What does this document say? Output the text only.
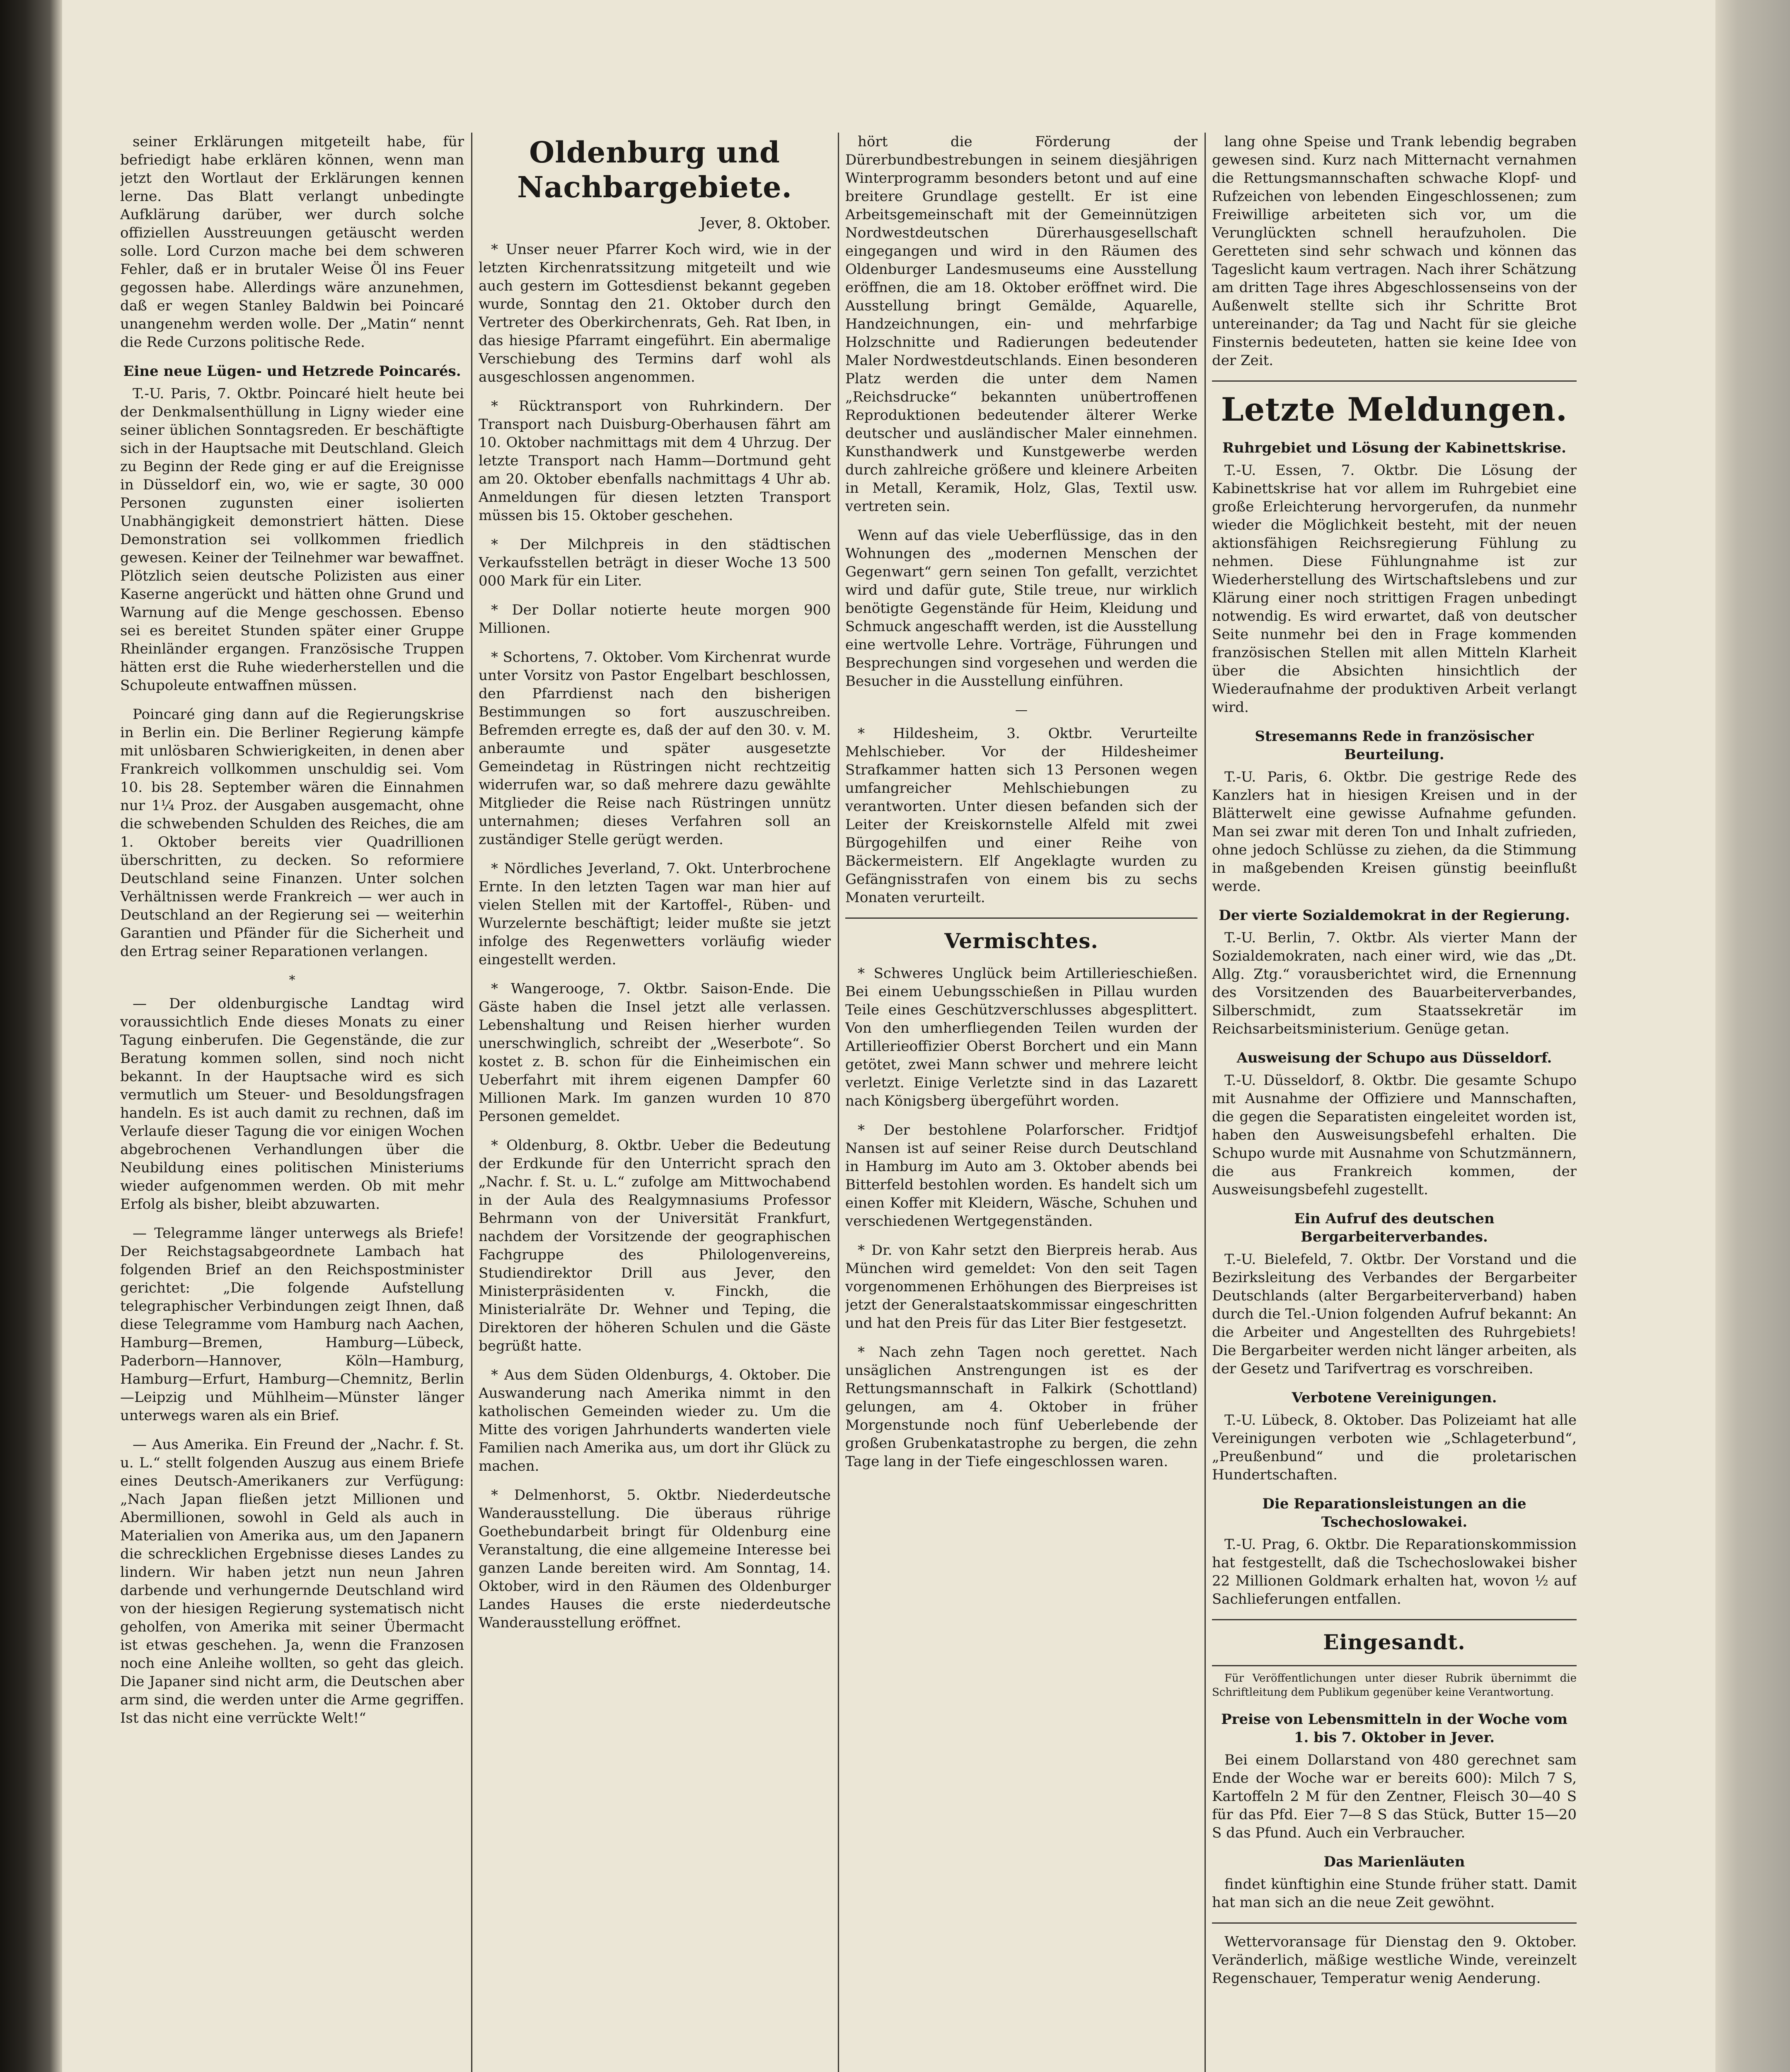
seiner Erklärungen mitgeteilt habe, für befriedigt habe erklären können, wenn man jetzt den Wortlaut der Erklärungen kennen lerne. Das Blatt verlangt unbedingte Aufklärung darüber, wer durch solche offiziellen Ausstreuungen getäuscht werden solle. Lord Curzon mache bei dem schweren Fehler, daß er in brutaler Weise Öl ins Feuer gegossen habe. Allerdings wäre anzunehmen, daß er wegen Stanley Baldwin bei Poincaré unangenehm werden wolle. Der „Matin“ nennt die Rede Curzons politische Rede.

Eine neue Lügen- und Hetzrede Poincarés.

T.-U. Paris, 7. Oktbr. Poincaré hielt heute bei der Denkmalsenthüllung in Ligny wieder eine seiner üblichen Sonntagsreden. Er beschäftigte sich in der Hauptsache mit Deutschland. Gleich zu Beginn der Rede ging er auf die Ereignisse in Düsseldorf ein, wo, wie er sagte, 30 000 Personen zugunsten einer isolierten Unabhängigkeit demonstriert hätten. Diese Demonstration sei vollkommen friedlich gewesen. Keiner der Teilnehmer war bewaffnet. Plötzlich seien deutsche Polizisten aus einer Kaserne angerückt und hätten ohne Grund und Warnung auf die Menge geschossen. Ebenso sei es bereitet Stunden später einer Gruppe Rheinländer ergangen. Französische Truppen hätten erst die Ruhe wiederherstellen und die Schupoleute entwaffnen müssen.

Poincaré ging dann auf die Regierungskrise in Berlin ein. Die Berliner Regierung kämpfe mit unlösbaren Schwierigkeiten, in denen aber Frankreich vollkommen unschuldig sei. Vom 10. bis 28. September wären die Einnahmen nur 1¼ Proz. der Ausgaben ausgemacht, ohne die schwebenden Schulden des Reiches, die am 1. Oktober bereits vier Quadrillionen überschritten, zu decken. So reformiere Deutschland seine Finanzen. Unter solchen Verhältnissen werde Frankreich — wer auch in Deutschland an der Regierung sei — weiterhin Garantien und Pfänder für die Sicherheit und den Ertrag seiner Reparationen verlangen.

*

— Der oldenburgische Landtag wird voraussichtlich Ende dieses Monats zu einer Tagung einberufen. Die Gegenstände, die zur Beratung kommen sollen, sind noch nicht bekannt. In der Hauptsache wird es sich vermutlich um Steuer- und Besoldungsfragen handeln. Es ist auch damit zu rechnen, daß im Verlaufe dieser Tagung die vor einigen Wochen abgebrochenen Verhandlungen über die Neubildung eines politischen Ministeriums wieder aufgenommen werden. Ob mit mehr Erfolg als bisher, bleibt abzuwarten.

— Telegramme länger unterwegs als Briefe! Der Reichstagsabgeordnete Lambach hat folgenden Brief an den Reichspostminister gerichtet: „Die folgende Aufstellung telegraphischer Verbindungen zeigt Ihnen, daß diese Telegramme vom Hamburg nach Aachen, Hamburg—Bremen, Hamburg—Lübeck, Paderborn—Hannover, Köln—Hamburg, Hamburg—Erfurt, Hamburg—Chemnitz, Berlin—Leipzig und Mühlheim—Münster länger unterwegs waren als ein Brief.

— Aus Amerika. Ein Freund der „Nachr. f. St. u. L.“ stellt folgenden Auszug aus einem Briefe eines Deutsch-Amerikaners zur Verfügung: „Nach Japan fließen jetzt Millionen und Abermillionen, sowohl in Geld als auch in Materialien von Amerika aus, um den Japanern die schrecklichen Ergebnisse dieses Landes zu lindern. Wir haben jetzt nun neun Jahren darbende und verhungernde Deutschland wird von der hiesigen Regierung systematisch nicht geholfen, von Amerika mit seiner Übermacht ist etwas geschehen. Ja, wenn die Franzosen noch eine Anleihe wollten, so geht das gleich. Die Japaner sind nicht arm, die Deutschen aber arm sind, die werden unter die Arme gegriffen. Ist das nicht eine verrückte Welt!“

Oldenburg und Nachbargebiete.
Jever, 8. Oktober.

* Unser neuer Pfarrer Koch wird, wie in der letzten Kirchenratssitzung mitgeteilt und wie auch gestern im Gottesdienst bekannt gegeben wurde, Sonntag den 21. Oktober durch den Vertreter des Oberkirchenrats, Geh. Rat Iben, in das hiesige Pfarramt eingeführt. Ein abermalige Verschiebung des Termins darf wohl als ausgeschlossen angenommen.

* Rücktransport von Ruhrkindern. Der Transport nach Duisburg-Oberhausen fährt am 10. Oktober nachmittags mit dem 4 Uhrzug. Der letzte Transport nach Hamm—Dortmund geht am 20. Oktober ebenfalls nachmittags 4 Uhr ab. Anmeldungen für diesen letzten Transport müssen bis 15. Oktober geschehen.

* Der Milchpreis in den städtischen Verkaufsstellen beträgt in dieser Woche 13 500 000 Mark für ein Liter.

* Der Dollar notierte heute morgen 900 Millionen.

* Schortens, 7. Oktober. Vom Kirchenrat wurde unter Vorsitz von Pastor Engelbart beschlossen, den Pfarrdienst nach den bisherigen Bestimmungen so fort auszuschreiben. Befremden erregte es, daß der auf den 30. v. M. anberaumte und später ausgesetzte Gemeindetag in Rüstringen nicht rechtzeitig widerrufen war, so daß mehrere dazu gewählte Mitglieder die Reise nach Rüstringen unnütz unternahmen; dieses Verfahren soll an zuständiger Stelle gerügt werden.

* Nördliches Jeverland, 7. Okt. Unterbrochene Ernte. In den letzten Tagen war man hier auf vielen Stellen mit der Kartoffel-, Rüben- und Wurzelernte beschäftigt; leider mußte sie jetzt infolge des Regenwetters vorläufig wieder eingestellt werden.

* Wangerooge, 7. Oktbr. Saison-Ende. Die Gäste haben die Insel jetzt alle verlassen. Lebenshaltung und Reisen hierher wurden unerschwinglich, schreibt der „Weserbote“. So kostet z. B. schon für die Einheimischen ein Ueberfahrt mit ihrem eigenen Dampfer 60 Millionen Mark. Im ganzen wurden 10 870 Personen gemeldet.

* Oldenburg, 8. Oktbr. Ueber die Bedeutung der Erdkunde für den Unterricht sprach den „Nachr. f. St. u. L.“ zufolge am Mittwochabend in der Aula des Realgymnasiums Professor Behrmann von der Universität Frankfurt, nachdem der Vorsitzende der geographischen Fachgruppe des Philologenvereins, Studiendirektor Drill aus Jever, den Ministerpräsidenten v. Finckh, die Ministerialräte Dr. Wehner und Teping, die Direktoren der höheren Schulen und die Gäste begrüßt hatte.

* Aus dem Süden Oldenburgs, 4. Oktober. Die Auswanderung nach Amerika nimmt in den katholischen Gemeinden wieder zu. Um die Mitte des vorigen Jahrhunderts wanderten viele Familien nach Amerika aus, um dort ihr Glück zu machen.

* Delmenhorst, 5. Oktbr. Niederdeutsche Wanderausstellung. Die überaus rührige Goethebundarbeit bringt für Oldenburg eine Veranstaltung, die eine allgemeine Interesse bei ganzen Lande bereiten wird. Am Sonntag, 14. Oktober, wird in den Räumen des Oldenburger Landes Hauses die erste niederdeutsche Wanderausstellung eröffnet.

hört die Förderung der Dürerbundbestrebungen in seinem diesjährigen Winterprogramm besonders betont und auf eine breitere Grundlage gestellt. Er ist eine Arbeitsgemeinschaft mit der Gemeinnützigen Nordwestdeutschen Dürerhausgesellschaft eingegangen und wird in den Räumen des Oldenburger Landesmuseums eine Ausstellung eröffnen, die am 18. Oktober eröffnet wird. Die Ausstellung bringt Gemälde, Aquarelle, Handzeichnungen, ein- und mehrfarbige Holzschnitte und Radierungen bedeutender Maler Nordwestdeutschlands. Einen besonderen Platz werden die unter dem Namen „Reichsdrucke“ bekannten unübertroffenen Reproduktionen bedeutender älterer Werke deutscher und ausländischer Maler einnehmen. Kunsthandwerk und Kunstgewerbe werden durch zahlreiche größere und kleinere Arbeiten in Metall, Keramik, Holz, Glas, Textil usw. vertreten sein.

Wenn auf das viele Ueberflüssige, das in den Wohnungen des „modernen Menschen der Gegenwart“ gern seinen Ton gefallt, verzichtet wird und dafür gute, Stile treue, nur wirklich benötigte Gegenstände für Heim, Kleidung und Schmuck angeschafft werden, ist die Ausstellung eine wertvolle Lehre. Vorträge, Führungen und Besprechungen sind vorgesehen und werden die Besucher in die Ausstellung einführen.

—

* Hildesheim, 3. Oktbr. Verurteilte Mehlschieber. Vor der Hildesheimer Strafkammer hatten sich 13 Personen wegen umfangreicher Mehlschiebungen zu verantworten. Unter diesen befanden sich der Leiter der Kreiskornstelle Alfeld mit zwei Bürgogehilfen und einer Reihe von Bäckermeistern. Elf Angeklagte wurden zu Gefängnisstrafen von einem bis zu sechs Monaten verurteilt.

Vermischtes.

* Schweres Unglück beim Artillerieschießen. Bei einem Uebungsschießen in Pillau wurden Teile eines Geschützverschlusses abgesplittert. Von den umherfliegenden Teilen wurden der Artillerieoffizier Oberst Borchert und ein Mann getötet, zwei Mann schwer und mehrere leicht verletzt. Einige Verletzte sind in das Lazarett nach Königsberg übergeführt worden.

* Der bestohlene Polarforscher. Fridtjof Nansen ist auf seiner Reise durch Deutschland in Hamburg im Auto am 3. Oktober abends bei Bitterfeld bestohlen worden. Es handelt sich um einen Koffer mit Kleidern, Wäsche, Schuhen und verschiedenen Wertgegenständen.

* Dr. von Kahr setzt den Bierpreis herab. Aus München wird gemeldet: Von den seit Tagen vorgenommenen Erhöhungen des Bierpreises ist jetzt der Generalstaatskommissar eingeschritten und hat den Preis für das Liter Bier festgesetzt.

* Nach zehn Tagen noch gerettet. Nach unsäglichen Anstrengungen ist es der Rettungsmannschaft in Falkirk (Schottland) gelungen, am 4. Oktober in früher Morgenstunde noch fünf Ueberlebende der großen Grubenkatastrophe zu bergen, die zehn Tage lang in der Tiefe eingeschlossen waren.

lang ohne Speise und Trank lebendig begraben gewesen sind. Kurz nach Mitternacht vernahmen die Rettungsmannschaften schwache Klopf- und Rufzeichen von lebenden Eingeschlossenen; zum Freiwillige arbeiteten sich vor, um die Verunglückten schnell heraufzuholen. Die Geretteten sind sehr schwach und können das Tageslicht kaum vertragen. Nach ihrer Schätzung am dritten Tage ihres Abgeschlossenseins von der Außenwelt stellte sich ihr Schritte Brot untereinander; da Tag und Nacht für sie gleiche Finsternis bedeuteten, hatten sie keine Idee von der Zeit.

Letzte Meldungen.
Ruhrgebiet und Lösung der Kabinettskrise.

T.-U. Essen, 7. Oktbr. Die Lösung der Kabinettskrise hat vor allem im Ruhrgebiet eine große Erleichterung hervorgerufen, da nunmehr wieder die Möglichkeit besteht, mit der neuen aktionsfähigen Reichsregierung Fühlung zu nehmen. Diese Fühlungnahme ist zur Wiederherstellung des Wirtschaftslebens und zur Klärung einer noch strittigen Fragen unbedingt notwendig. Es wird erwartet, daß von deutscher Seite nunmehr bei den in Frage kommenden französischen Stellen mit allen Mitteln Klarheit über die Absichten hinsichtlich der Wiederaufnahme der produktiven Arbeit verlangt wird.

Stresemanns Rede in französischer Beurteilung.

T.-U. Paris, 6. Oktbr. Die gestrige Rede des Kanzlers hat in hiesigen Kreisen und in der Blätterwelt eine gewisse Aufnahme gefunden. Man sei zwar mit deren Ton und Inhalt zufrieden, ohne jedoch Schlüsse zu ziehen, da die Stimmung in maßgebenden Kreisen günstig beeinflußt werde.

Der vierte Sozialdemokrat in der Regierung.

T.-U. Berlin, 7. Oktbr. Als vierter Mann der Sozialdemokraten, nach einer wird, wie das „Dt. Allg. Ztg.“ vorausberichtet wird, die Ernennung des Vorsitzenden des Bauarbeiterverbandes, Silberschmidt, zum Staatssekretär im Reichsarbeitsministerium. Genüge getan.

Ausweisung der Schupo aus Düsseldorf.

T.-U. Düsseldorf, 8. Oktbr. Die gesamte Schupo mit Ausnahme der Offiziere und Mannschaften, die gegen die Separatisten eingeleitet worden ist, haben den Ausweisungsbefehl erhalten. Die Schupo wurde mit Ausnahme von Schutzmännern, die aus Frankreich kommen, der Ausweisungsbefehl zugestellt.

Ein Aufruf des deutschen Bergarbeiterverbandes.

T.-U. Bielefeld, 7. Oktbr. Der Vorstand und die Bezirksleitung des Verbandes der Bergarbeiter Deutschlands (alter Bergarbeiterverband) haben durch die Tel.-Union folgenden Aufruf bekannt: An die Arbeiter und Angestellten des Ruhrgebiets! Die Bergarbeiter werden nicht länger arbeiten, als der Gesetz und Tarifvertrag es vorschreiben.

Verbotene Vereinigungen.

T.-U. Lübeck, 8. Oktober. Das Polizeiamt hat alle Vereinigungen verboten wie „Schlageterbund“, „Preußenbund“ und die proletarischen Hundertschaften.

Die Reparationsleistungen an die Tschechoslowakei.

T.-U. Prag, 6. Oktbr. Die Reparationskommission hat festgestellt, daß die Tschechoslowakei bisher 22 Millionen Goldmark erhalten hat, wovon ½ auf Sachlieferungen entfallen.

Eingesandt.

Für Veröffentlichungen unter dieser Rubrik übernimmt die Schriftleitung dem Publikum gegenüber keine Verantwortung.

Preise von Lebensmitteln in der Woche vom 1. bis 7. Oktober in Jever.

Bei einem Dollarstand von 480 gerechnet sam Ende der Woche war er bereits 600): Milch 7 S, Kartoffeln 2 M für den Zentner, Fleisch 30—40 S für das Pfd. Eier 7—8 S das Stück, Butter 15—20 S das Pfund. Auch ein Verbraucher.

Das Marienläuten

findet künftighin eine Stunde früher statt. Damit hat man sich an die neue Zeit gewöhnt.

Wettervoransage für Dienstag den 9. Oktober. Veränderlich, mäßige westliche Winde, vereinzelt Regenschauer, Temperatur wenig Aenderung.
